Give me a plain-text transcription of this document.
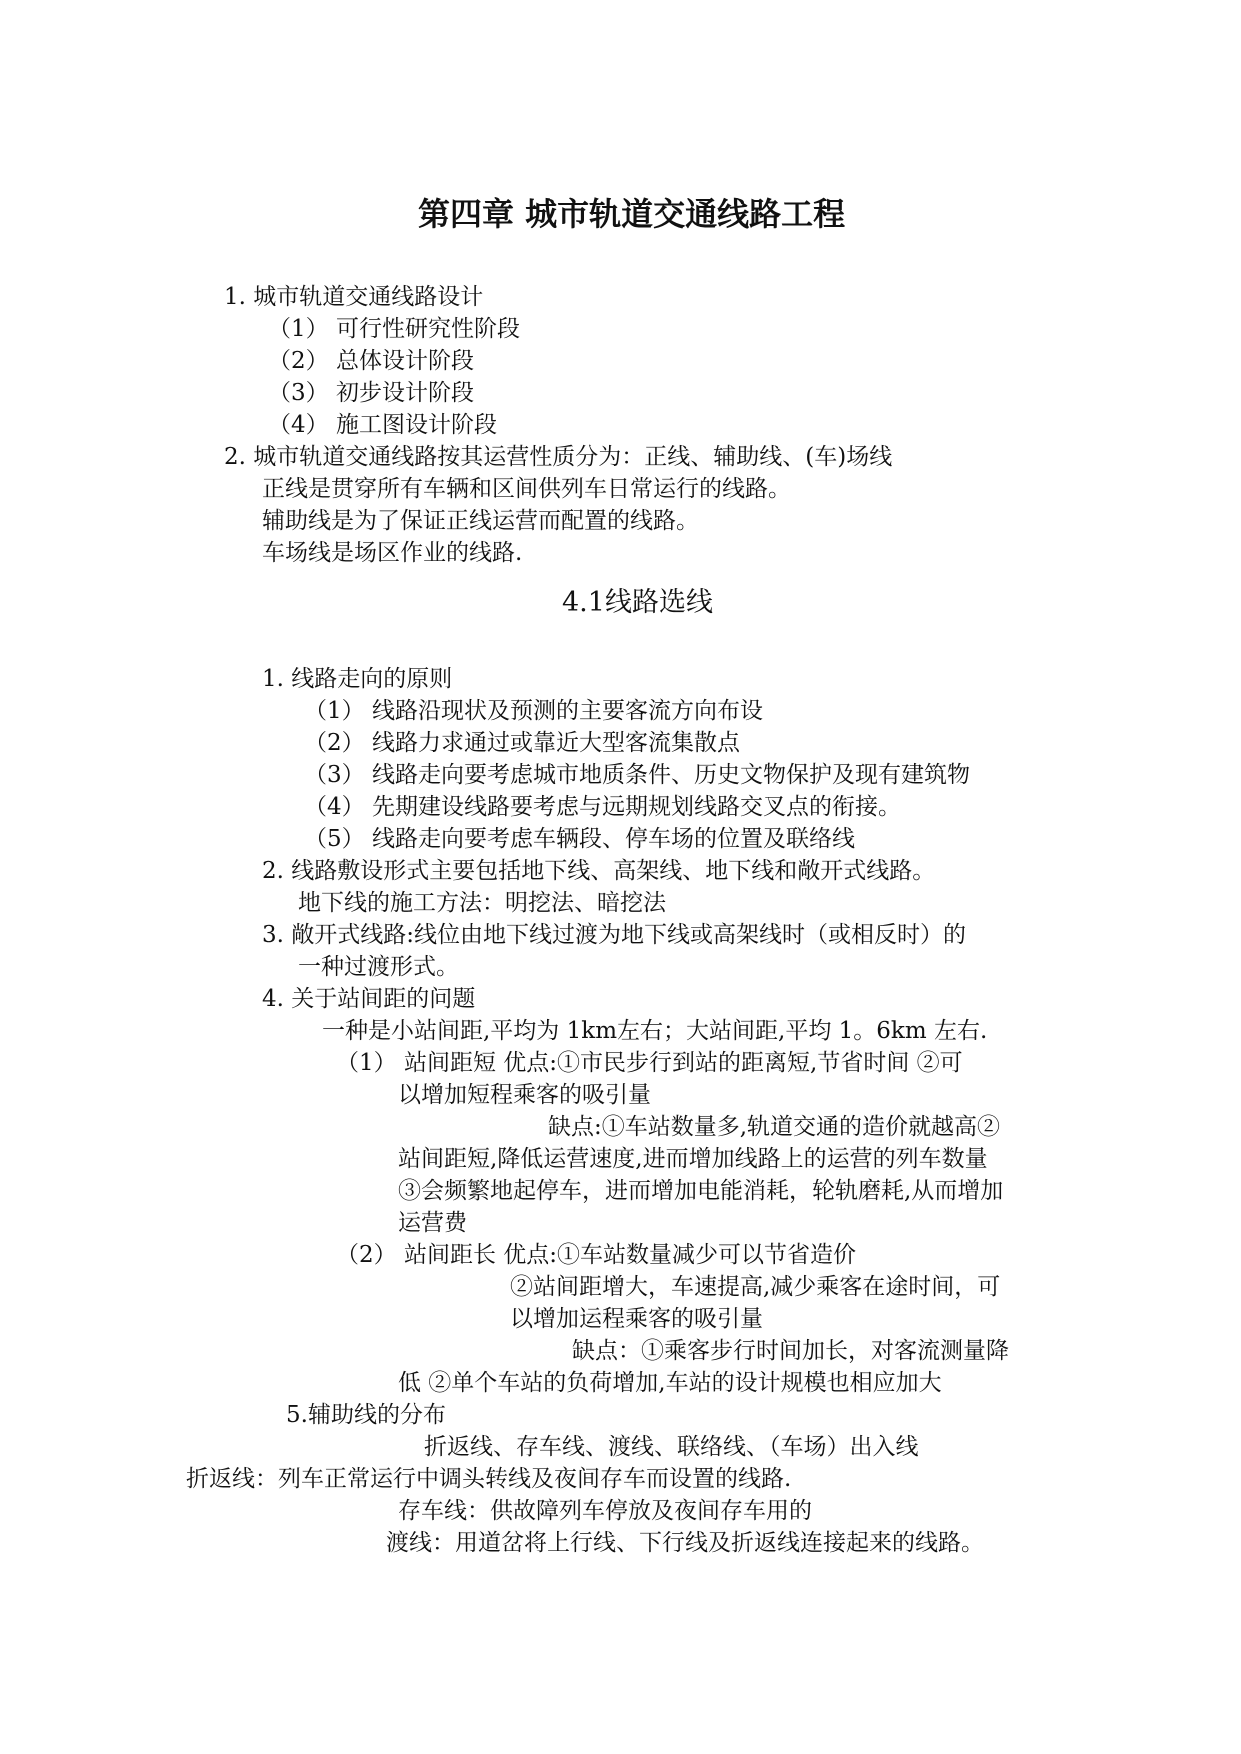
第四章 城市轨道交通线路工程
1. 城市轨道交通线路设计
（1） 可行性研究性阶段
（2） 总体设计阶段
（3） 初步设计阶段
（4） 施工图设计阶段
2. 城市轨道交通线路按其运营性质分为：正线、辅助线、(车)场线
正线是贯穿所有车辆和区间供列车日常运行的线路。
辅助线是为了保证正线运营而配置的线路。
车场线是场区作业的线路.
4.1线路选线
1. 线路走向的原则
（1） 线路沿现状及预测的主要客流方向布设
（2） 线路力求通过或靠近大型客流集散点
（3） 线路走向要考虑城市地质条件、历史文物保护及现有建筑物
（4） 先期建设线路要考虑与远期规划线路交叉点的衔接。
（5） 线路走向要考虑车辆段、停车场的位置及联络线
2. 线路敷设形式主要包括地下线、高架线、地下线和敞开式线路。
地下线的施工方法：明挖法、暗挖法
3. 敞开式线路:线位由地下线过渡为地下线或高架线时（或相反时）的
一种过渡形式。
4. 关于站间距的问题
一种是小站间距,平均为 1km左右；大站间距,平均 1。6km 左右.
（1） 站间距短 优点:①市民步行到站的距离短,节省时间 ②可
以增加短程乘客的吸引量
缺点:①车站数量多,轨道交通的造价就越高②
站间距短,降低运营速度,进而增加线路上的运营的列车数量
③会频繁地起停车，进而增加电能消耗，轮轨磨耗,从而增加
运营费
（2） 站间距长 优点:①车站数量减少可以节省造价
②站间距增大，车速提高,减少乘客在途时间，可
以增加运程乘客的吸引量
缺点：①乘客步行时间加长，对客流测量降
低 ②单个车站的负荷增加,车站的设计规模也相应加大
5.辅助线的分布
折返线、存车线、渡线、联络线、（车场）出入线
折返线：列车正常运行中调头转线及夜间存车而设置的线路.
存车线：供故障列车停放及夜间存车用的
渡线：用道岔将上行线、下行线及折返线连接起来的线路。
